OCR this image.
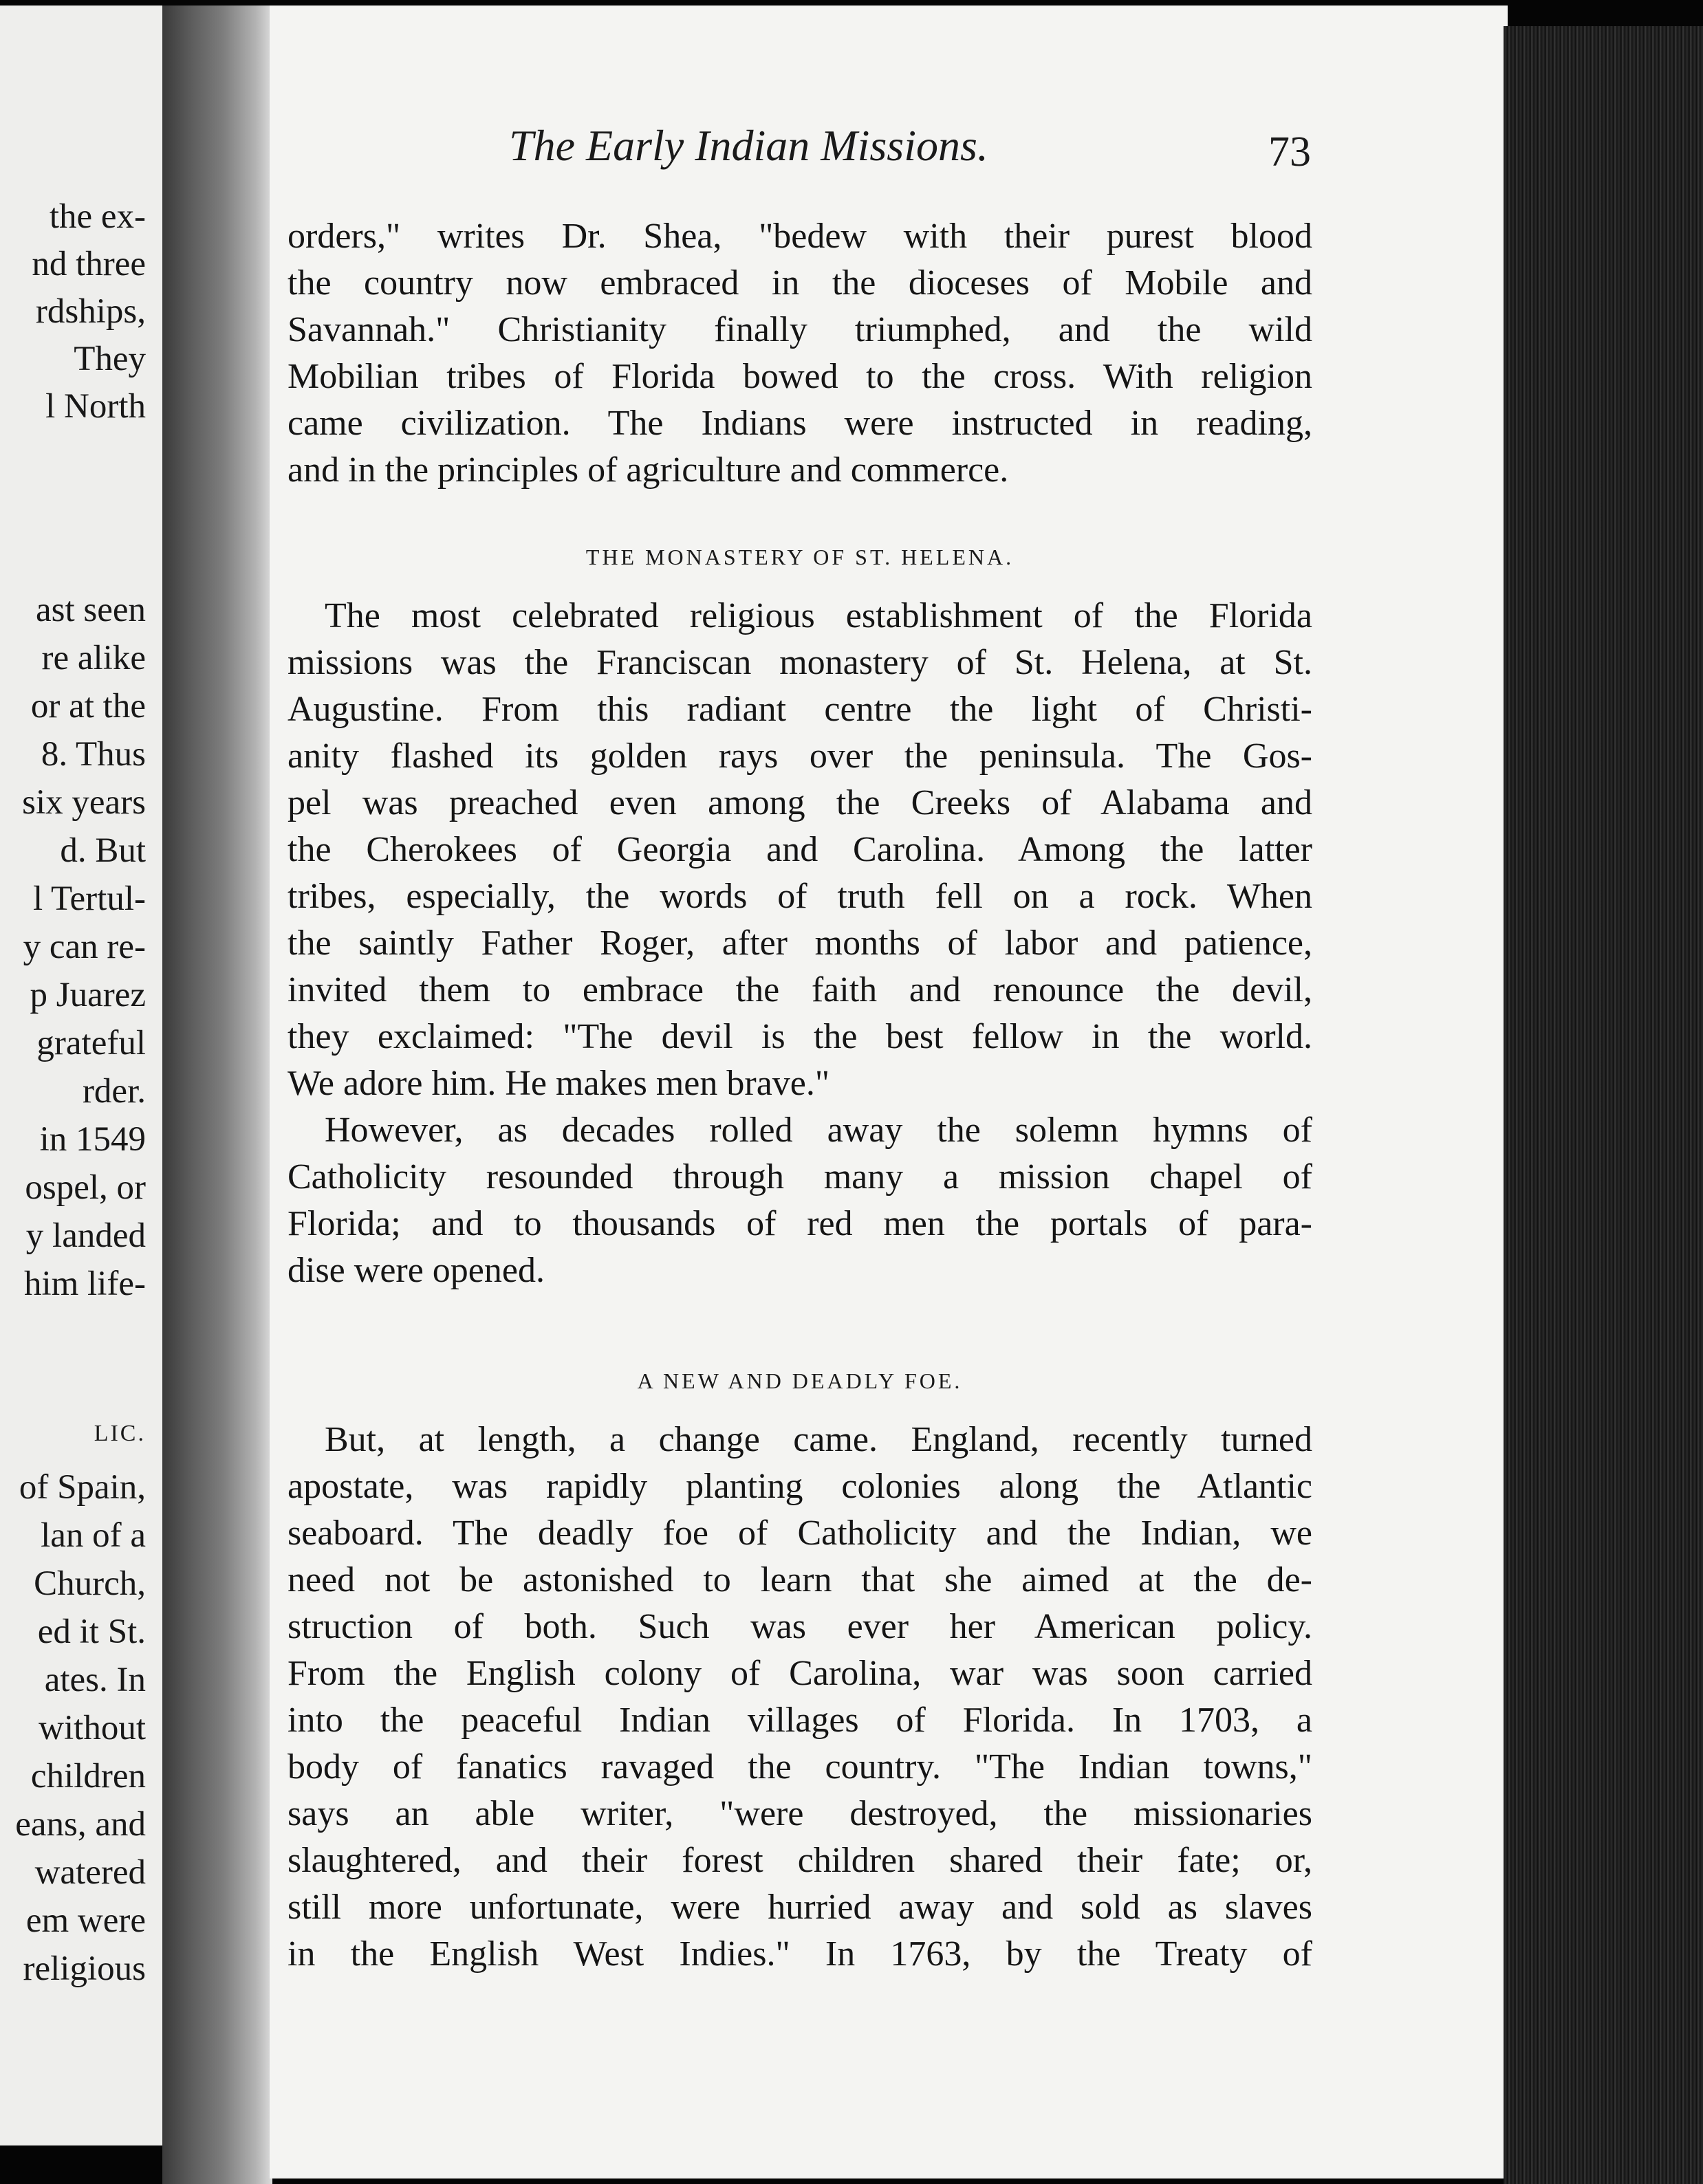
the ex-
nd three
rdships,
They
l North
ast seen
re alike
or at the
8. Thus
six years
d. But
l Tertul-
y can re-
p Juarez
grateful
rder.
in 1549
ospel, or
y landed
him life-
LIC.
of Spain,
lan of a
Church,
ed it St.
ates. In
without
children
eans, and
watered
em were
religious
The Early Indian Missions.	73
orders," writes Dr. Shea, "bedew with their purest blood
the country now embraced in the dioceses of Mobile and
Savannah." Christianity finally triumphed, and the wild
Mobilian tribes of Florida bowed to the cross. With religion
came civilization. The Indians were instructed in reading,
and in the principles of agriculture and commerce.
THE MONASTERY OF ST. HELENA.
The most celebrated religious establishment of the Florida
missions was the Franciscan monastery of St. Helena, at St.
Augustine. From this radiant centre the light of Christi-
anity flashed its golden rays over the peninsula. The Gos-
pel was preached even among the Creeks of Alabama and
the Cherokees of Georgia and Carolina. Among the latter
tribes, especially, the words of truth fell on a rock. When
the saintly Father Roger, after months of labor and patience,
invited them to embrace the faith and renounce the devil,
they exclaimed: "The devil is the best fellow in the world.
We adore him. He makes men brave."
However, as decades rolled away the solemn hymns of
Catholicity resounded through many a mission chapel of
Florida; and to thousands of red men the portals of para-
dise were opened.
A NEW AND DEADLY FOE.
But, at length, a change came. England, recently turned
apostate, was rapidly planting colonies along the Atlantic
seaboard. The deadly foe of Catholicity and the Indian, we
need not be astonished to learn that she aimed at the de-
struction of both. Such was ever her American policy.
From the English colony of Carolina, war was soon carried
into the peaceful Indian villages of Florida. In 1703, a
body of fanatics ravaged the country. "The Indian towns,"
says an able writer, "were destroyed, the missionaries
slaughtered, and their forest children shared their fate; or,
still more unfortunate, were hurried away and sold as slaves
in the English West Indies." In 1763, by the Treaty of
